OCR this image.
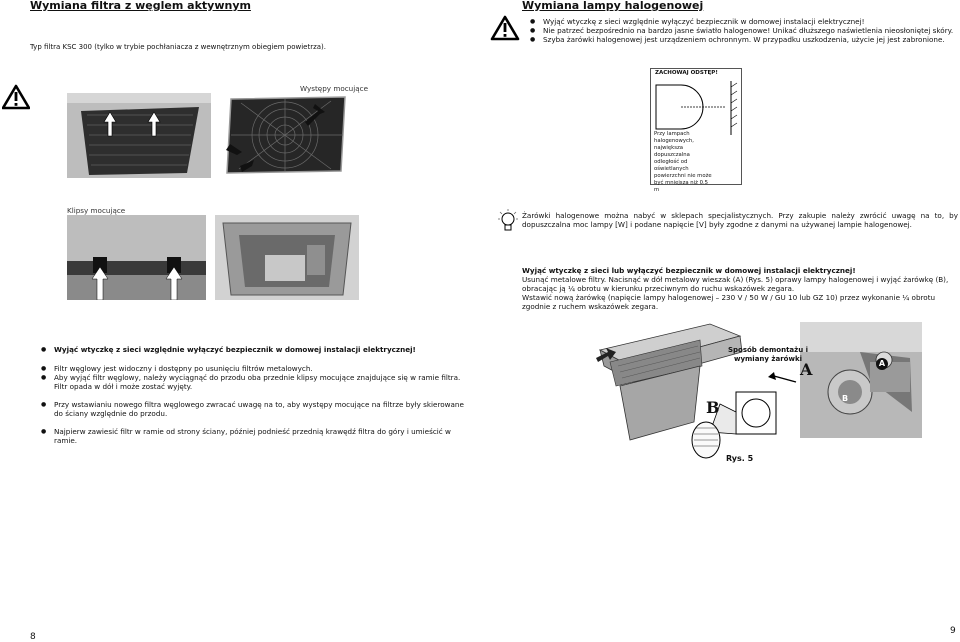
Wymiana filtra z węglem aktywnym
Typ filtra KSC 300 (tylko w trybie pochłaniacza z wewnętrznym obiegiem powietrza).
Występy mocujące
Klipsy mocujące
● Wyjąć wtyczkę z sieci względnie wyłączyć bezpiecznik w domowej instalacji elektrycznej!
● Filtr węglowy jest widoczny i dostępny po usunięciu filtrów metalowych.
● Aby wyjąć filtr węglowy, należy wyciągnąć do przodu oba przednie klipsy mocujące znajdujące się w ramie filtra. Filtr opada w dół i może zostać wyjęty.
● Przy wstawianiu nowego filtra węglowego zwracać uwagę na to, aby występy mocujące na filtrze były skierowane do ściany względnie do przodu.
● Najpierw zawiesić filtr w ramie od strony ściany, później podnieść przednią krawędź filtra do góry i umieścić w ramie.
8
Wymiana lampy halogenowej
● Wyjąć wtyczkę z sieci względnie wyłączyć bezpiecznik w domowej instalacji elektrycznej!
● Nie patrzeć bezpośrednio na bardzo jasne światło halogenowe! Unikać dłuższego naświetlenia nieosłoniętej skóry.
● Szyba żarówki halogenowej jest urządzeniem ochronnym. W przypadku uszkodzenia, użycie jej jest zabronione.
ZACHOWAJ ODSTĘP!
Przy lampach halogenowych, największa dopuszczalna odległość od oświetlanych powierzchni nie może być mniejsza niż 0.5 m
Żarówki halogenowe można nabyć w sklepach specjalistycznych. Przy zakupie należy zwrócić uwagę na to, by dopuszczalna moc lampy [W] i podane napięcie [V] były zgodne z danymi na używanej lampie halogenowej.
Wyjąć wtyczkę z sieci lub wyłączyć bezpiecznik w domowej instalacji elektrycznej!
Usunąć metalowe filtry. Nacisnąć w dół metalowy wieszak (A) (Rys. 5) oprawy lampy halogenowej i wyjąć żarówkę (B), obracając ją ¼ obrotu w kierunku przeciwnym do ruchu wskazówek zegara.
Wstawić nową żarówkę (napięcie lampy halogenowej – 230 V / 50 W / GU 10 lub GZ 10) przez wykonanie ¼ obrotu zgodnie z ruchem wskazówek zegara.
Sposób demontażu i wymiany żarówki
A
B
A
B
Rys. 5
9
